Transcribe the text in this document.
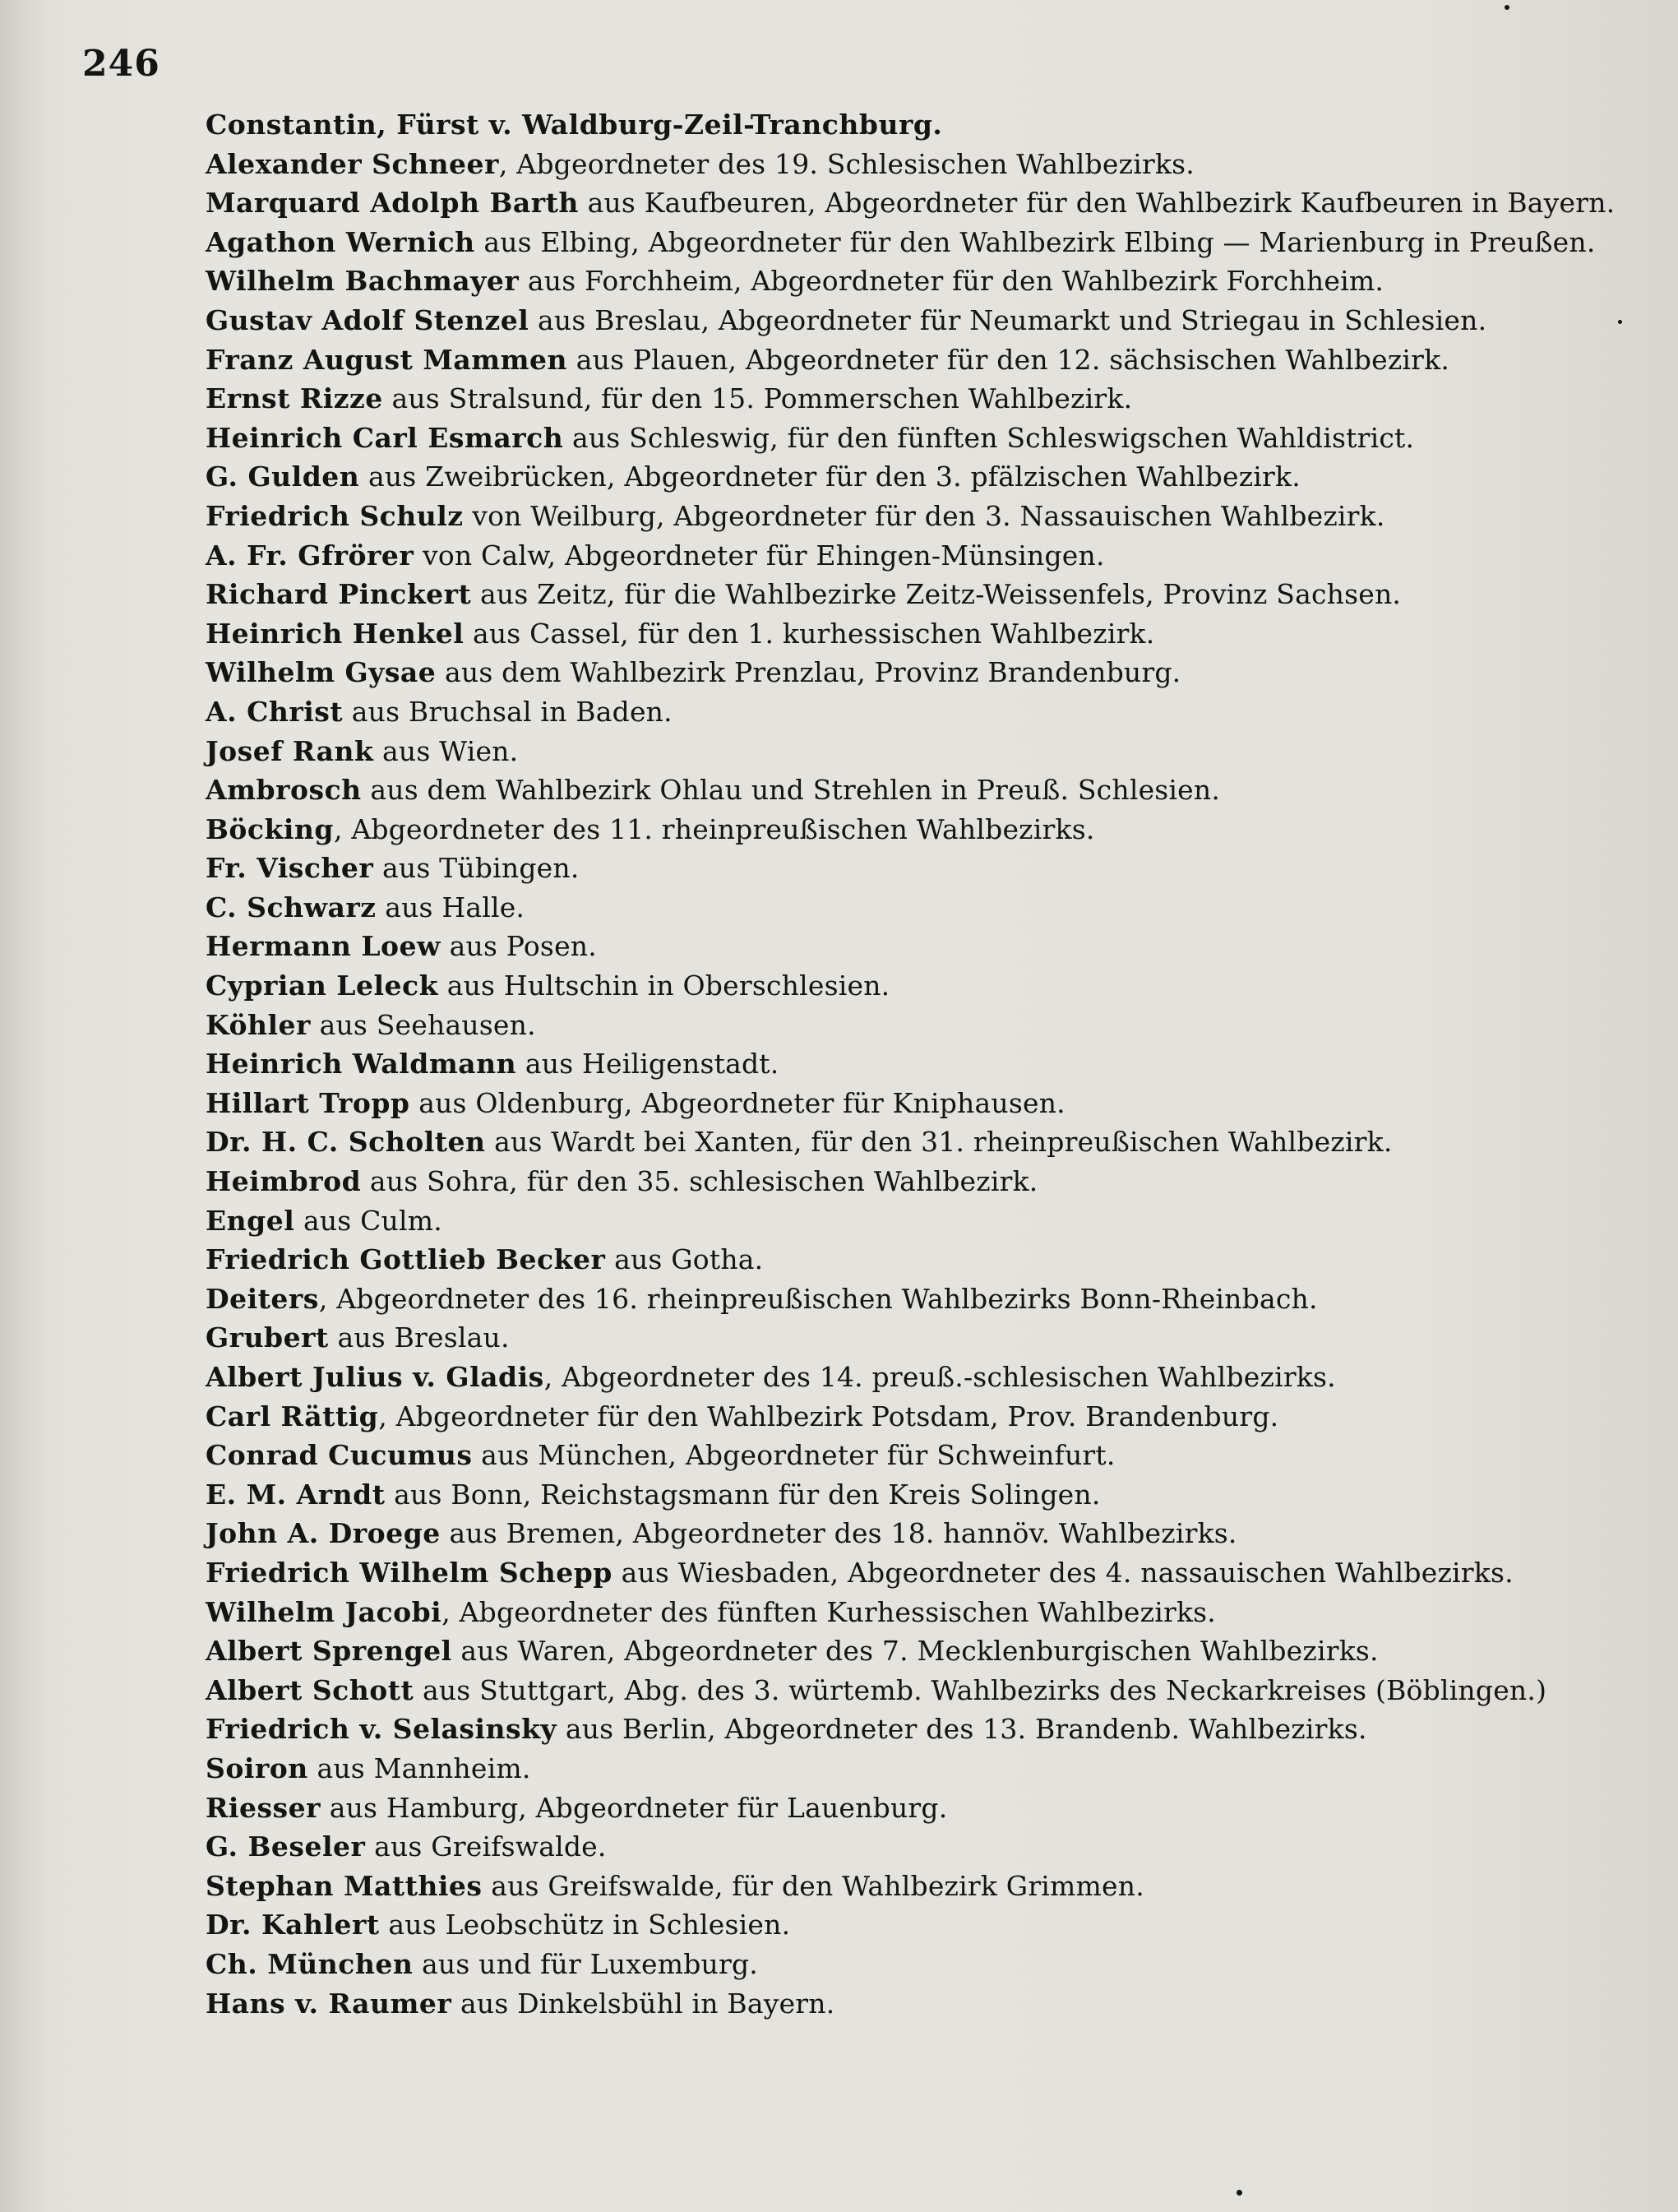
246
Constantin, Fürst v. Waldburg-Zeil-Tranchburg.
Alexander Schneer, Abgeordneter des 19. Schlesischen Wahlbezirks.
Marquard Adolph Barth aus Kaufbeuren, Abgeordneter für den Wahlbezirk Kaufbeuren in Bayern.
Agathon Wernich aus Elbing, Abgeordneter für den Wahlbezirk Elbing — Marienburg in Preußen.
Wilhelm Bachmayer aus Forchheim, Abgeordneter für den Wahlbezirk Forchheim.
Gustav Adolf Stenzel aus Breslau, Abgeordneter für Neumarkt und Striegau in Schlesien.
Franz August Mammen aus Plauen, Abgeordneter für den 12. sächsischen Wahlbezirk.
Ernst Rizze aus Stralsund, für den 15. Pommerschen Wahlbezirk.
Heinrich Carl Esmarch aus Schleswig, für den fünften Schleswigschen Wahldistrict.
G. Gulden aus Zweibrücken, Abgeordneter für den 3. pfälzischen Wahlbezirk.
Friedrich Schulz von Weilburg, Abgeordneter für den 3. Nassauischen Wahlbezirk.
A. Fr. Gfrörer von Calw, Abgeordneter für Ehingen-Münsingen.
Richard Pinckert aus Zeitz, für die Wahlbezirke Zeitz-Weissenfels, Provinz Sachsen.
Heinrich Henkel aus Cassel, für den 1. kurhessischen Wahlbezirk.
Wilhelm Gysae aus dem Wahlbezirk Prenzlau, Provinz Brandenburg.
A. Christ aus Bruchsal in Baden.
Josef Rank aus Wien.
Ambrosch aus dem Wahlbezirk Ohlau und Strehlen in Preuß. Schlesien.
Böcking, Abgeordneter des 11. rheinpreußischen Wahlbezirks.
Fr. Vischer aus Tübingen.
C. Schwarz aus Halle.
Hermann Loew aus Posen.
Cyprian Leleck aus Hultschin in Oberschlesien.
Köhler aus Seehausen.
Heinrich Waldmann aus Heiligenstadt.
Hillart Tropp aus Oldenburg, Abgeordneter für Kniphausen.
Dr. H. C. Scholten aus Wardt bei Xanten, für den 31. rheinpreußischen Wahlbezirk.
Heimbrod aus Sohra, für den 35. schlesischen Wahlbezirk.
Engel aus Culm.
Friedrich Gottlieb Becker aus Gotha.
Deiters, Abgeordneter des 16. rheinpreußischen Wahlbezirks Bonn-Rheinbach.
Grubert aus Breslau.
Albert Julius v. Gladis, Abgeordneter des 14. preuß.-schlesischen Wahlbezirks.
Carl Rättig, Abgeordneter für den Wahlbezirk Potsdam, Prov. Brandenburg.
Conrad Cucumus aus München, Abgeordneter für Schweinfurt.
E. M. Arndt aus Bonn, Reichstagsmann für den Kreis Solingen.
John A. Droege aus Bremen, Abgeordneter des 18. hannöv. Wahlbezirks.
Friedrich Wilhelm Schepp aus Wiesbaden, Abgeordneter des 4. nassauischen Wahlbezirks.
Wilhelm Jacobi, Abgeordneter des fünften Kurhessischen Wahlbezirks.
Albert Sprengel aus Waren, Abgeordneter des 7. Mecklenburgischen Wahlbezirks.
Albert Schott aus Stuttgart, Abg. des 3. würtemb. Wahlbezirks des Neckarkreises (Böblingen.)
Friedrich v. Selasinsky aus Berlin, Abgeordneter des 13. Brandenb. Wahlbezirks.
Soiron aus Mannheim.
Riesser aus Hamburg, Abgeordneter für Lauenburg.
G. Beseler aus Greifswalde.
Stephan Matthies aus Greifswalde, für den Wahlbezirk Grimmen.
Dr. Kahlert aus Leobschütz in Schlesien.
Ch. München aus und für Luxemburg.
Hans v. Raumer aus Dinkelsbühl in Bayern.
